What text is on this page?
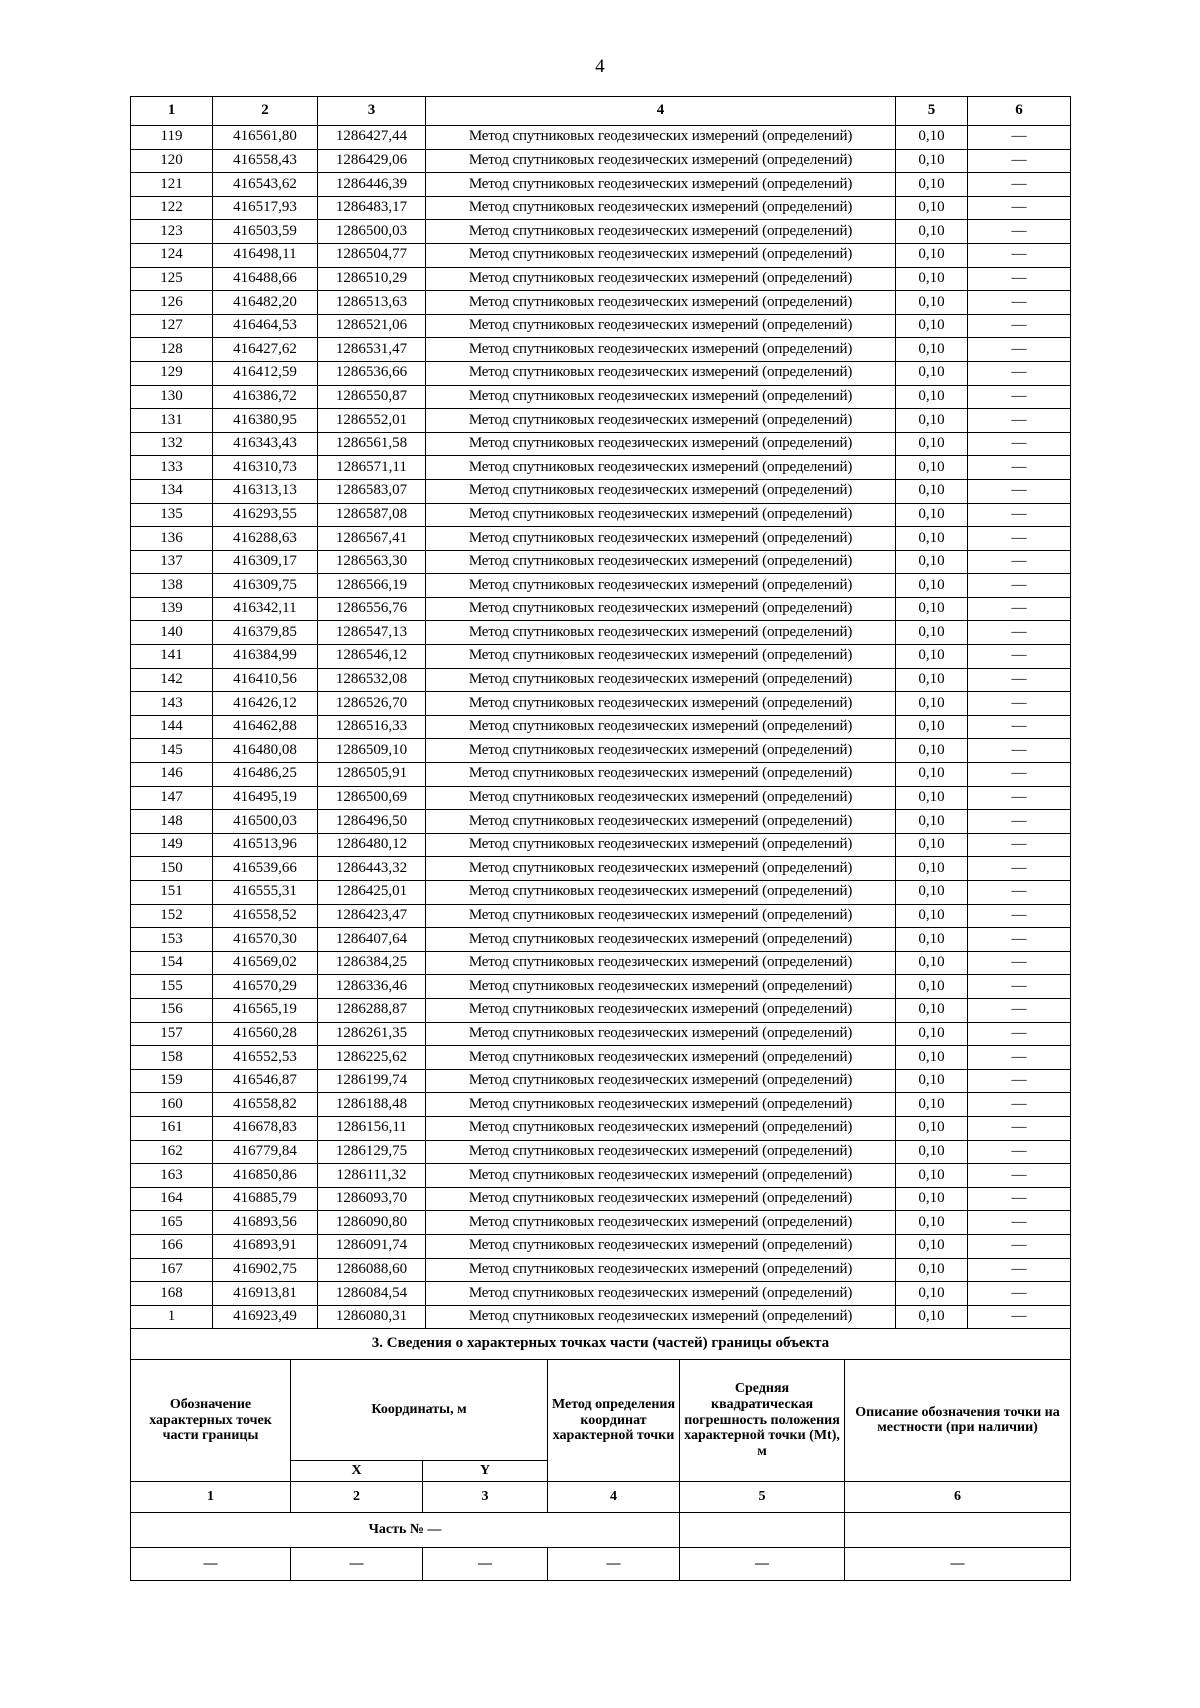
4
1	2	3	4	5	6
119	416561,80	1286427,44	Метод спутниковых геодезических измерений (определений)	0,10	—
120	416558,43	1286429,06	Метод спутниковых геодезических измерений (определений)	0,10	—
121	416543,62	1286446,39	Метод спутниковых геодезических измерений (определений)	0,10	—
122	416517,93	1286483,17	Метод спутниковых геодезических измерений (определений)	0,10	—
123	416503,59	1286500,03	Метод спутниковых геодезических измерений (определений)	0,10	—
124	416498,11	1286504,77	Метод спутниковых геодезических измерений (определений)	0,10	—
125	416488,66	1286510,29	Метод спутниковых геодезических измерений (определений)	0,10	—
126	416482,20	1286513,63	Метод спутниковых геодезических измерений (определений)	0,10	—
127	416464,53	1286521,06	Метод спутниковых геодезических измерений (определений)	0,10	—
128	416427,62	1286531,47	Метод спутниковых геодезических измерений (определений)	0,10	—
129	416412,59	1286536,66	Метод спутниковых геодезических измерений (определений)	0,10	—
130	416386,72	1286550,87	Метод спутниковых геодезических измерений (определений)	0,10	—
131	416380,95	1286552,01	Метод спутниковых геодезических измерений (определений)	0,10	—
132	416343,43	1286561,58	Метод спутниковых геодезических измерений (определений)	0,10	—
133	416310,73	1286571,11	Метод спутниковых геодезических измерений (определений)	0,10	—
134	416313,13	1286583,07	Метод спутниковых геодезических измерений (определений)	0,10	—
135	416293,55	1286587,08	Метод спутниковых геодезических измерений (определений)	0,10	—
136	416288,63	1286567,41	Метод спутниковых геодезических измерений (определений)	0,10	—
137	416309,17	1286563,30	Метод спутниковых геодезических измерений (определений)	0,10	—
138	416309,75	1286566,19	Метод спутниковых геодезических измерений (определений)	0,10	—
139	416342,11	1286556,76	Метод спутниковых геодезических измерений (определений)	0,10	—
140	416379,85	1286547,13	Метод спутниковых геодезических измерений (определений)	0,10	—
141	416384,99	1286546,12	Метод спутниковых геодезических измерений (определений)	0,10	—
142	416410,56	1286532,08	Метод спутниковых геодезических измерений (определений)	0,10	—
143	416426,12	1286526,70	Метод спутниковых геодезических измерений (определений)	0,10	—
144	416462,88	1286516,33	Метод спутниковых геодезических измерений (определений)	0,10	—
145	416480,08	1286509,10	Метод спутниковых геодезических измерений (определений)	0,10	—
146	416486,25	1286505,91	Метод спутниковых геодезических измерений (определений)	0,10	—
147	416495,19	1286500,69	Метод спутниковых геодезических измерений (определений)	0,10	—
148	416500,03	1286496,50	Метод спутниковых геодезических измерений (определений)	0,10	—
149	416513,96	1286480,12	Метод спутниковых геодезических измерений (определений)	0,10	—
150	416539,66	1286443,32	Метод спутниковых геодезических измерений (определений)	0,10	—
151	416555,31	1286425,01	Метод спутниковых геодезических измерений (определений)	0,10	—
152	416558,52	1286423,47	Метод спутниковых геодезических измерений (определений)	0,10	—
153	416570,30	1286407,64	Метод спутниковых геодезических измерений (определений)	0,10	—
154	416569,02	1286384,25	Метод спутниковых геодезических измерений (определений)	0,10	—
155	416570,29	1286336,46	Метод спутниковых геодезических измерений (определений)	0,10	—
156	416565,19	1286288,87	Метод спутниковых геодезических измерений (определений)	0,10	—
157	416560,28	1286261,35	Метод спутниковых геодезических измерений (определений)	0,10	—
158	416552,53	1286225,62	Метод спутниковых геодезических измерений (определений)	0,10	—
159	416546,87	1286199,74	Метод спутниковых геодезических измерений (определений)	0,10	—
160	416558,82	1286188,48	Метод спутниковых геодезических измерений (определений)	0,10	—
161	416678,83	1286156,11	Метод спутниковых геодезических измерений (определений)	0,10	—
162	416779,84	1286129,75	Метод спутниковых геодезических измерений (определений)	0,10	—
163	416850,86	1286111,32	Метод спутниковых геодезических измерений (определений)	0,10	—
164	416885,79	1286093,70	Метод спутниковых геодезических измерений (определений)	0,10	—
165	416893,56	1286090,80	Метод спутниковых геодезических измерений (определений)	0,10	—
166	416893,91	1286091,74	Метод спутниковых геодезических измерений (определений)	0,10	—
167	416902,75	1286088,60	Метод спутниковых геодезических измерений (определений)	0,10	—
168	416913,81	1286084,54	Метод спутниковых геодезических измерений (определений)	0,10	—
1	416923,49	1286080,31	Метод спутниковых геодезических измерений (определений)	0,10	—
3. Сведения о характерных точках части (частей) границы объекта					
Обозначение характерных точек части границы	Координаты, м		Метод определения координат характерной точки	Средняя квадратическая погрешность положения характерной точки (Мt), м	Описание обозначения точки на местности (при наличии)
	X	Y			
1	2	3	4	5	6
Часть № —					
—	—	—	—	—	—
